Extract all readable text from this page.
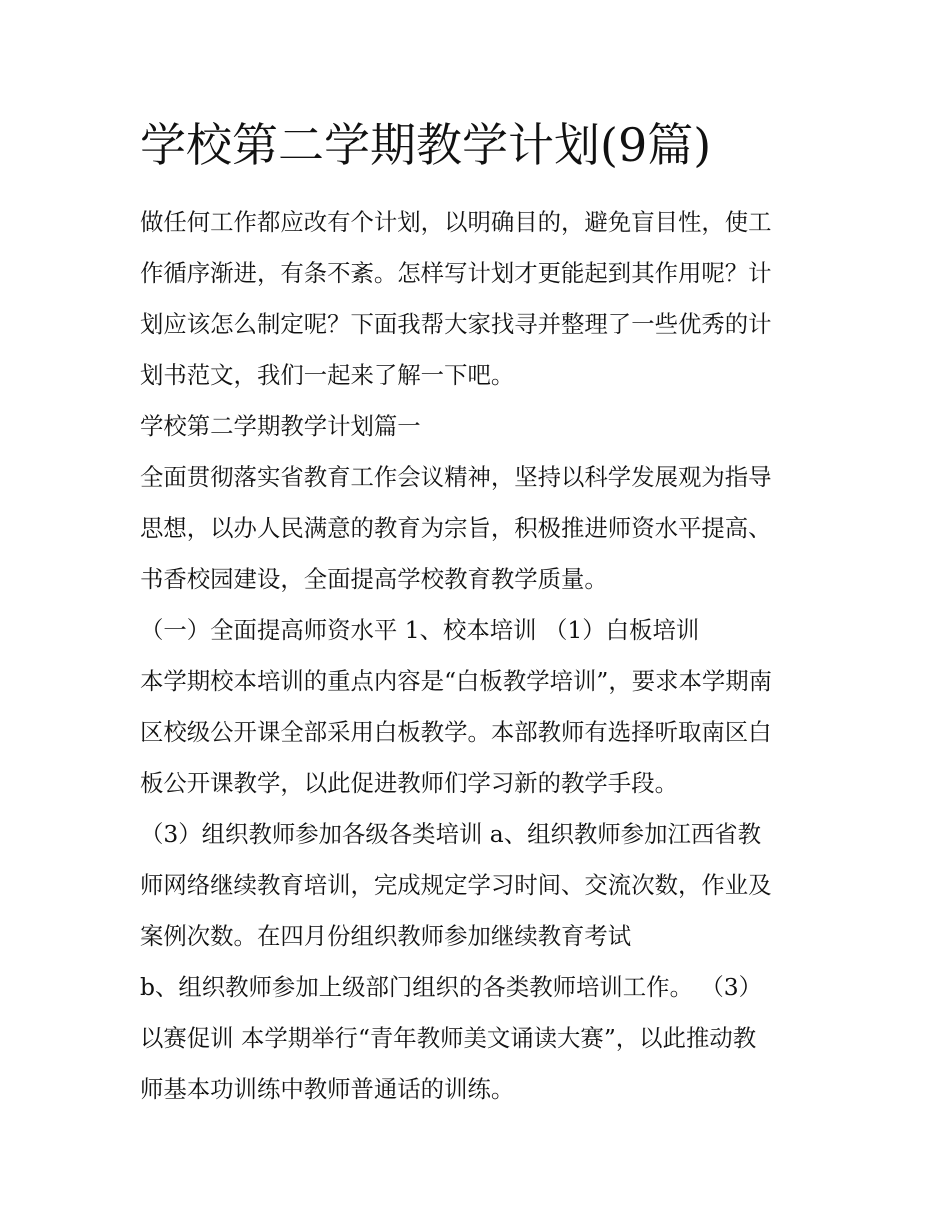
学校第二学期教学计划(9篇)
做任何工作都应改有个计划，以明确目的，避免盲目性，使工
作循序渐进，有条不紊。怎样写计划才更能起到其作用呢？计
划应该怎么制定呢？下面我帮大家找寻并整理了一些优秀的计
划书范文，我们一起来了解一下吧。
学校第二学期教学计划篇一
全面贯彻落实省教育工作会议精神，坚持以科学发展观为指导
思想，以办人民满意的教育为宗旨，积极推进师资水平提高、
书香校园建设，全面提高学校教育教学质量。
（一）全面提高师资水平 1、校本培训 （1）白板培训
本学期校本培训的重点内容是“白板教学培训”，要求本学期南
区校级公开课全部采用白板教学。本部教师有选择听取南区白
板公开课教学，以此促进教师们学习新的教学手段。
（3）组织教师参加各级各类培训 a、组织教师参加江西省教
师网络继续教育培训，完成规定学习时间、交流次数，作业及
案例次数。在四月份组织教师参加继续教育考试
b、组织教师参加上级部门组织的各类教师培训工作。 （3）
以赛促训 本学期举行“青年教师美文诵读大赛”，以此推动教
师基本功训练中教师普通话的训练。
